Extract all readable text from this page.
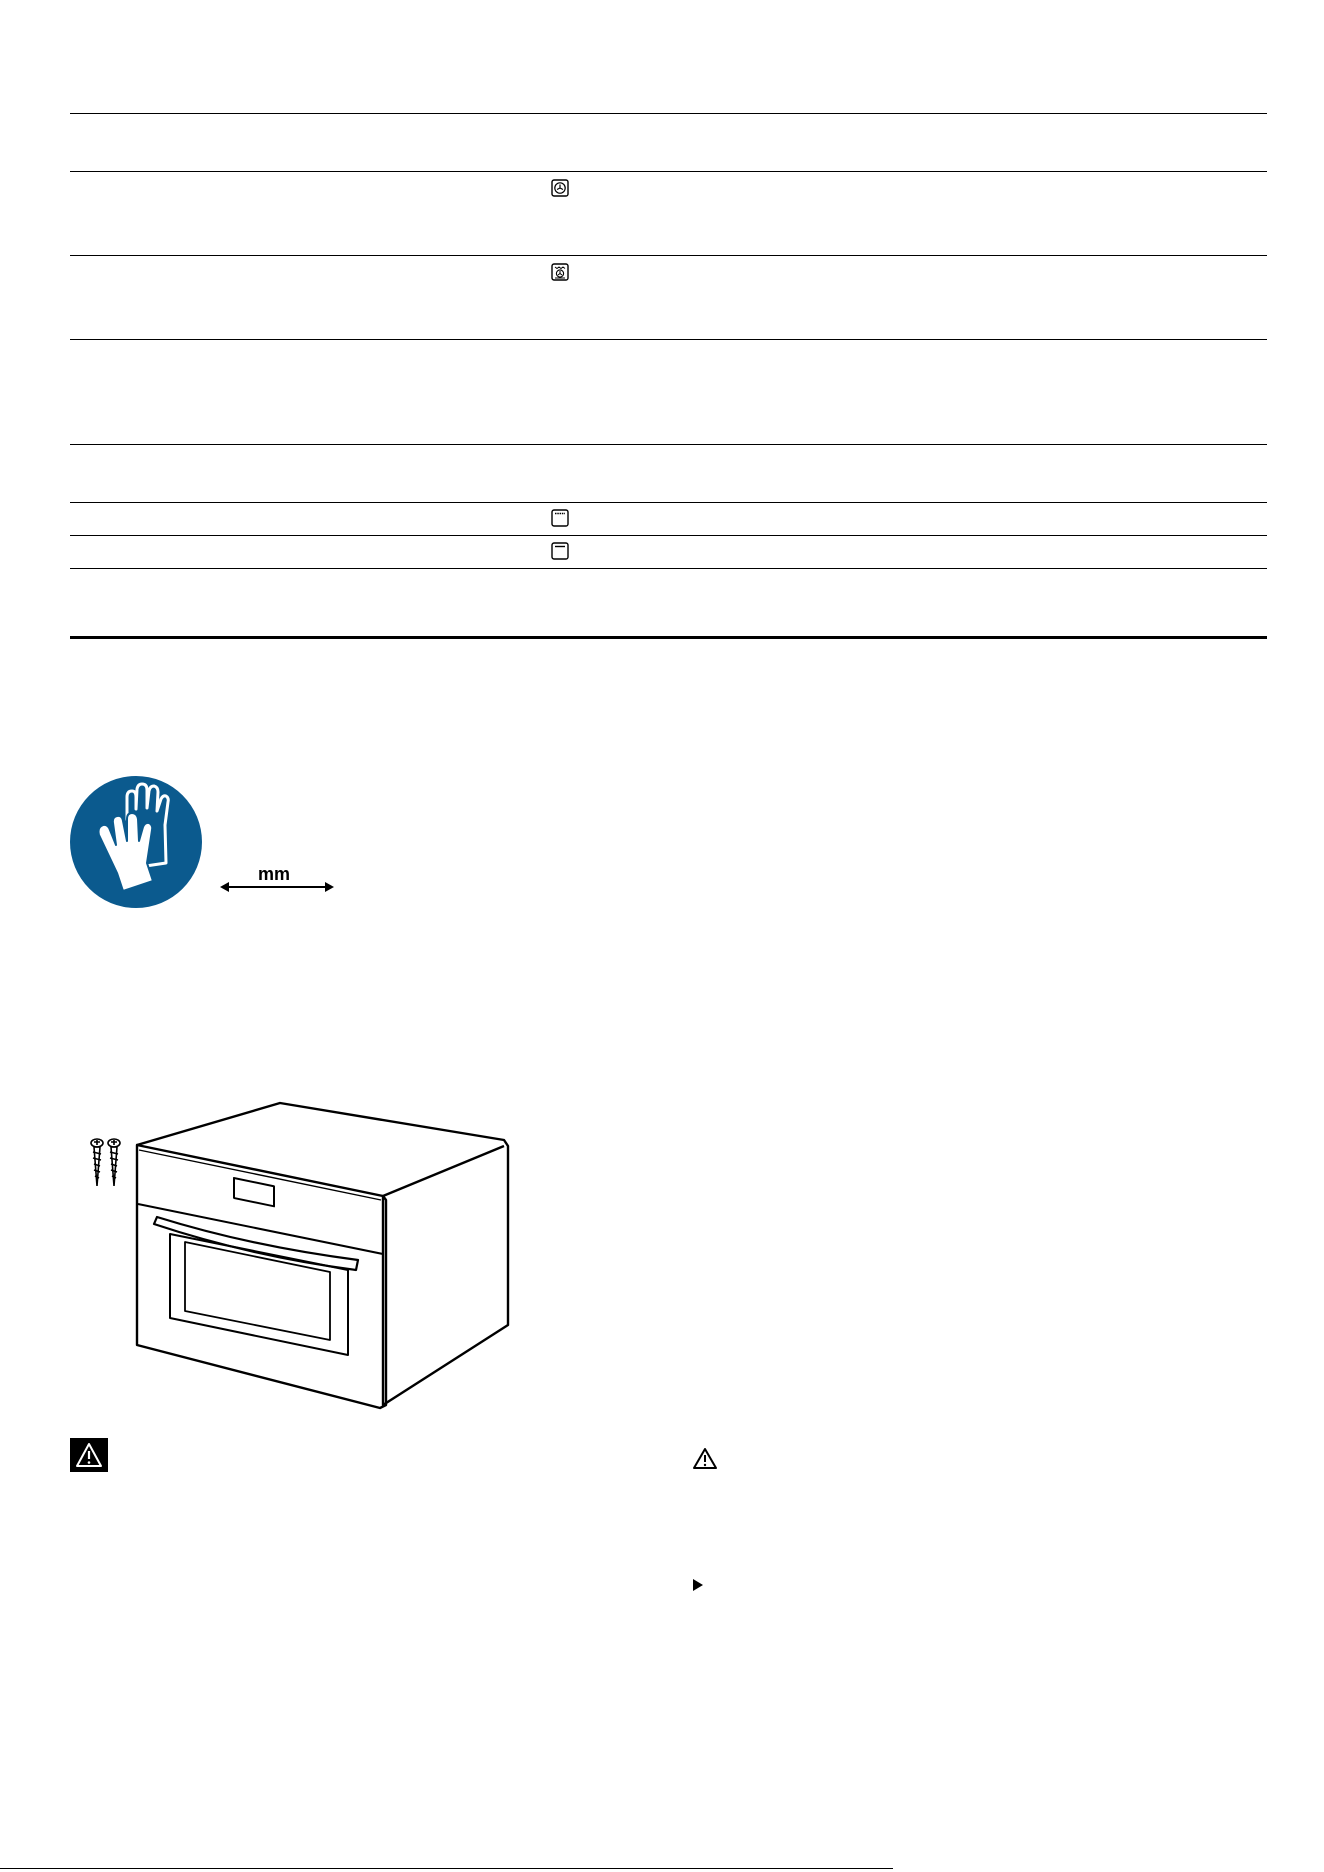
mm
